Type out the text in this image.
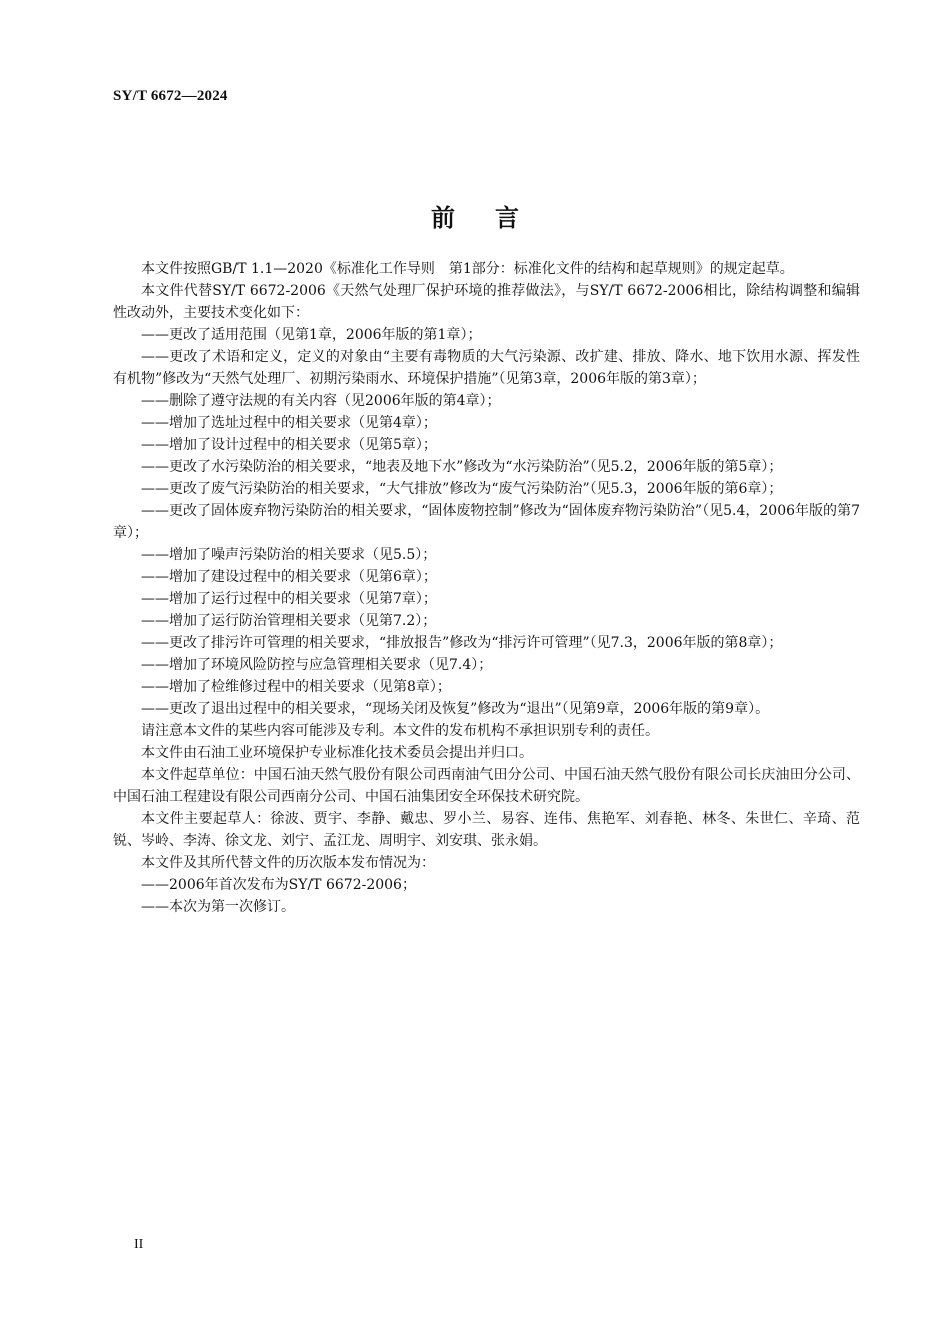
SY/T 6672—2024
前言

本文件按照GB/T 1.1—2020《标准化工作导则　第1部分：标准化文件的结构和起草规则》的规定起草。

本文件代替SY/T 6672-2006《天然气处理厂保护环境的推荐做法》，与SY/T 6672-2006相比，除结构调整和编辑性改动外，主要技术变化如下：

——更改了适用范围（见第1章，2006年版的第1章）；

——更改了术语和定义，定义的对象由“主要有毒物质的大气污染源、改扩建、排放、降水、地下饮用水源、挥发性有机物”修改为“天然气处理厂、初期污染雨水、环境保护措施”（见第3章，2006年版的第3章）；

——删除了遵守法规的有关内容（见2006年版的第4章）；

——增加了选址过程中的相关要求（见第4章）；

——增加了设计过程中的相关要求（见第5章）；

——更改了水污染防治的相关要求，“地表及地下水”修改为“水污染防治”（见5.2，2006年版的第5章）；

——更改了废气污染防治的相关要求，“大气排放”修改为“废气污染防治”（见5.3，2006年版的第6章）；

——更改了固体废弃物污染防治的相关要求，“固体废物控制”修改为“固体废弃物污染防治”（见5.4，2006年版的第7章）；

——增加了噪声污染防治的相关要求（见5.5）；

——增加了建设过程中的相关要求（见第6章）；

——增加了运行过程中的相关要求（见第7章）；

——增加了运行防治管理相关要求（见第7.2）；

——更改了排污许可管理的相关要求，“排放报告”修改为“排污许可管理”（见7.3，2006年版的第8章）；

——增加了环境风险防控与应急管理相关要求（见7.4）；

——增加了检维修过程中的相关要求（见第8章）；

——更改了退出过程中的相关要求，“现场关闭及恢复”修改为“退出”（见第9章，2006年版的第9章）。

请注意本文件的某些内容可能涉及专利。本文件的发布机构不承担识别专利的责任。

本文件由石油工业环境保护专业标准化技术委员会提出并归口。

本文件起草单位：中国石油天然气股份有限公司西南油气田分公司、中国石油天然气股份有限公司长庆油田分公司、中国石油工程建设有限公司西南分公司、中国石油集团安全环保技术研究院。

本文件主要起草人：徐波、贾宇、李静、戴忠、罗小兰、易容、连伟、焦艳军、刘春艳、林冬、朱世仁、辛琦、范锐、岑岭、李涛、徐文龙、刘宁、孟江龙、周明宇、刘安琪、张永娟。

本文件及其所代替文件的历次版本发布情况为：

——2006年首次发布为SY/T 6672-2006；

——本次为第一次修订。

II
